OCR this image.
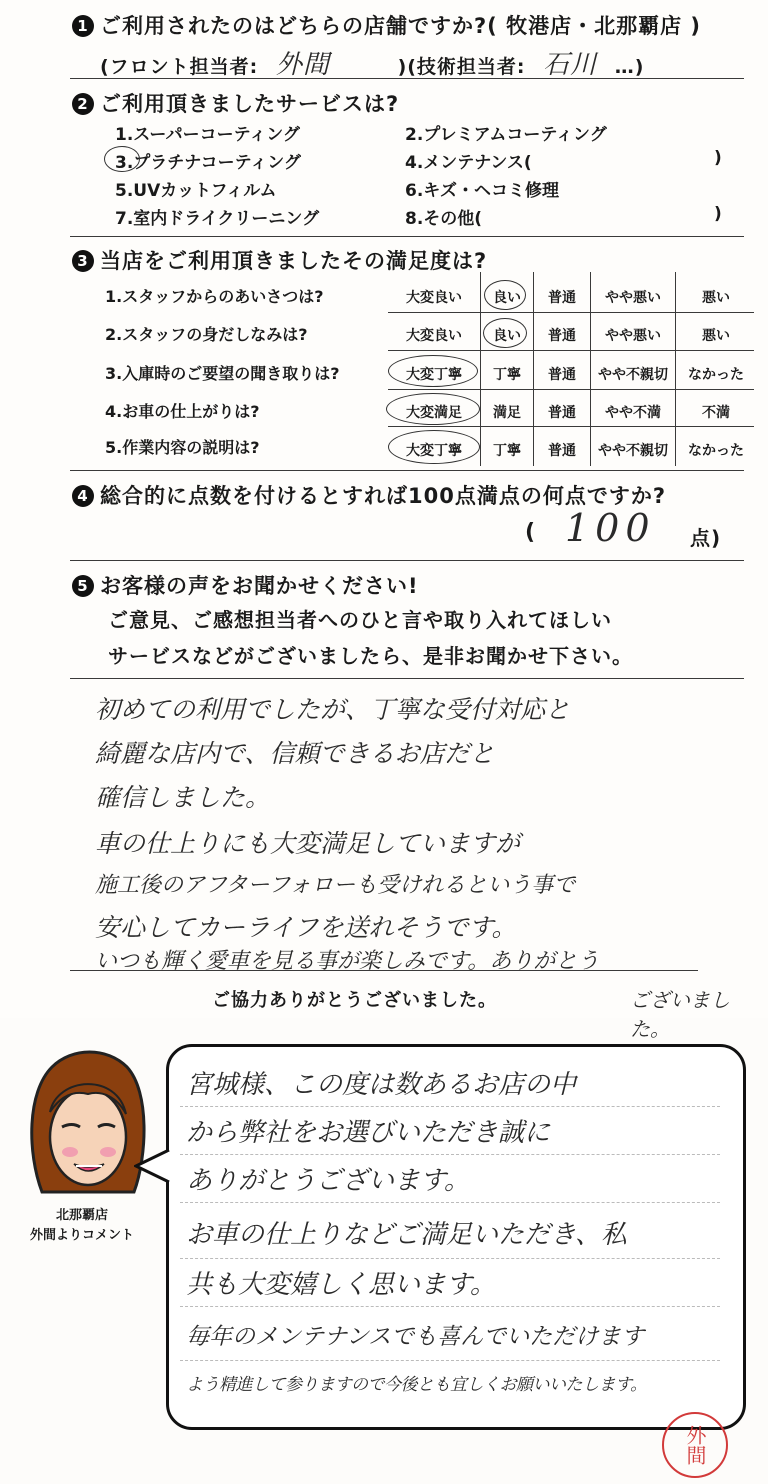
1 ご利用されたのはどちらの店舗ですか?( 牧港店・北那覇店 )
(フロント担当者: 外間	)(技術担当者: 石川 …)
2 ご利用頂きましたサービスは?
1.スーパーコーティング	2.プレミアムコーティング
3.プラチナコーティング	4.メンテナンス(	)
5.UVカットフィルム	6.キズ・ヘコミ修理
7.室内ドライクリーニング	8.その他(	)
3 当店をご利用頂きましたその満足度は?
1.スタッフからのあいさつは?	大変良い	良い	普通	やや悪い	悪い
2.スタッフの身だしなみは?	大変良い	良い	普通	やや悪い	悪い
3.入庫時のご要望の聞き取りは?	大変丁寧	丁寧	普通	やや不親切	なかった
4.お車の仕上がりは?	大変満足	満足	普通	やや不満	不満
5.作業内容の説明は?	大変丁寧	丁寧	普通	やや不親切	なかった
4 総合的に点数を付けるとすれば100点満点の何点ですか?
( 100 点)
5 お客様の声をお聞かせください!
ご意見、ご感想担当者へのひと言や取り入れてほしい
サービスなどがございましたら、是非お聞かせ下さい。
初めての利用でしたが、丁寧な受付対応と
綺麗な店内で、信頼できるお店だと
確信しました。
車の仕上りにも大変満足していますが
施工後のアフターフォローも受けれるという事で
安心してカーライフを送れそうです。
いつも輝く愛車を見る事が楽しみです。ありがとう
ご協力ありがとうございました。	ございました。
北那覇店
外間よりコメント
宮城様、この度は数あるお店の中
から弊社をお選びいただき誠に
ありがとうございます。
お車の仕上りなどご満足いただき、私
共も大変嬉しく思います。
毎年のメンテナンスでも喜んでいただけます
よう精進して参りますので今後とも宜しくお願いいたします。
外間
